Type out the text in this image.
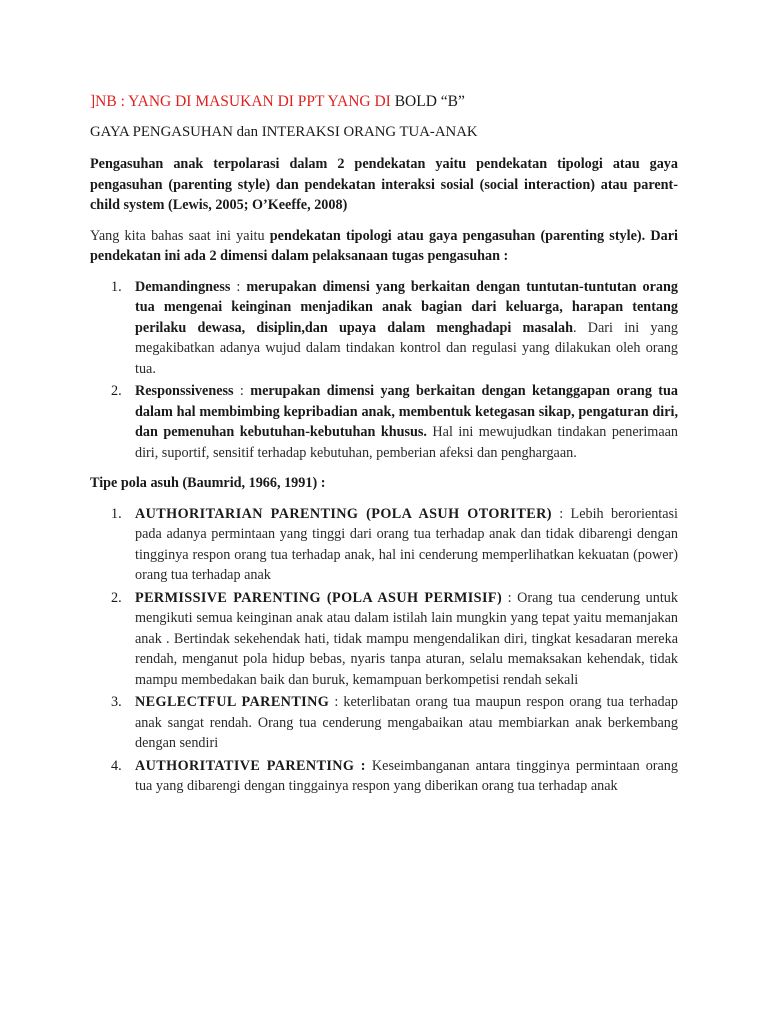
]NB : YANG DI MASUKAN DI PPT YANG DI BOLD “B”
GAYA PENGASUHAN dan INTERAKSI ORANG TUA-ANAK

Pengasuhan anak terpolarasi dalam 2 pendekatan yaitu pendekatan tipologi atau gaya pengasuhan (parenting style) dan pendekatan interaksi sosial (social interaction) atau parent-child system (Lewis, 2005; O’Keeffe, 2008)

Yang kita bahas saat ini yaitu pendekatan tipologi atau gaya pengasuhan (parenting style). Dari pendekatan ini ada 2 dimensi dalam pelaksanaan tugas pengasuhan :

1. Demandingness : merupakan dimensi yang berkaitan dengan tuntutan-tuntutan orang tua mengenai keinginan menjadikan anak bagian dari keluarga, harapan tentang perilaku dewasa, disiplin,dan upaya dalam menghadapi masalah. Dari ini yang megakibatkan adanya wujud dalam tindakan kontrol dan regulasi yang dilakukan oleh orang tua.
2. Responssiveness : merupakan dimensi yang berkaitan dengan ketanggapan orang tua dalam hal membimbing kepribadian anak, membentuk ketegasan sikap, pengaturan diri, dan pemenuhan kebutuhan-kebutuhan khusus. Hal ini mewujudkan tindakan penerimaan diri, suportif, sensitif terhadap kebutuhan, pemberian afeksi dan penghargaan.

Tipe pola asuh (Baumrid, 1966, 1991) :

1. AUTHORITARIAN PARENTING (POLA ASUH OTORITER) : Lebih berorientasi pada adanya permintaan yang tinggi dari orang tua terhadap anak dan tidak dibarengi dengan tingginya respon orang tua terhadap anak, hal ini cenderung memperlihatkan kekuatan (power) orang tua terhadap anak
2. PERMISSIVE PARENTING (POLA ASUH PERMISIF) : Orang tua cenderung untuk mengikuti semua keinginan anak atau dalam istilah lain mungkin yang tepat yaitu memanjakan anak . Bertindak sekehendak hati, tidak mampu mengendalikan diri, tingkat kesadaran mereka rendah, menganut pola hidup bebas, nyaris tanpa aturan, selalu memaksakan kehendak, tidak mampu membedakan baik dan buruk, kemampuan berkompetisi rendah sekali
3. NEGLECTFUL PARENTING : keterlibatan orang tua maupun respon orang tua terhadap anak sangat rendah. Orang tua cenderung mengabaikan atau membiarkan anak berkembang dengan sendiri
4. AUTHORITATIVE PARENTING : Keseimbanganan antara tingginya permintaan orang tua yang dibarengi dengan tinggainya respon yang diberikan orang tua terhadap anak
